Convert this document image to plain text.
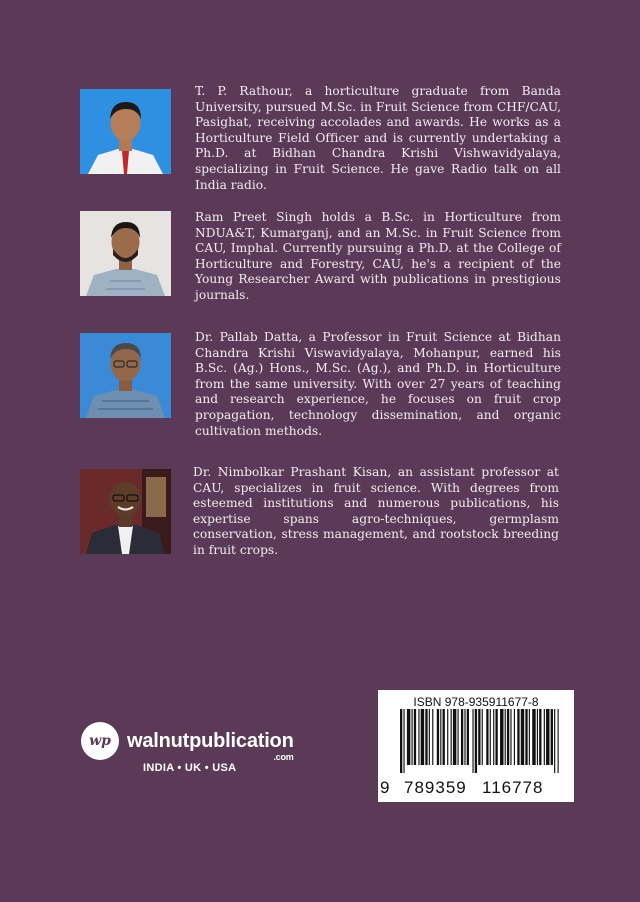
T. P. Rathour, a horticulture graduate from Banda University, pursued M.Sc. in Fruit Science from CHF/CAU, Pasighat, receiving accolades and awards. He works as a Horticulture Field Officer and is currently undertaking a Ph.D. at Bidhan Chandra Krishi Vishwavidyalaya, specializing in Fruit Science. He gave Radio talk on all India radio.
Ram Preet Singh holds a B.Sc. in Horticulture from NDUA&T, Kumarganj, and an M.Sc. in Fruit Science from CAU, Imphal. Currently pursuing a Ph.D. at the College of Horticulture and Forestry, CAU, he's a recipient of the Young Researcher Award with publications in prestigious journals.
Dr. Pallab Datta, a Professor in Fruit Science at Bidhan Chandra Krishi Viswavidyalaya, Mohanpur, earned his B.Sc. (Ag.) Hons., M.Sc. (Ag.), and Ph.D. in Horticulture from the same university. With over 27 years of teaching and research experience, he focuses on fruit crop propagation, technology dissemination, and organic cultivation methods.
Dr. Nimbolkar Prashant Kisan, an assistant professor at CAU, specializes in fruit science. With degrees from esteemed institutions and numerous publications, his expertise spans agro-techniques, germplasm conservation, stress management, and rootstock breeding in fruit crops.
wp walnutpublication
.com
INDIA • UK • USA
ISBN 978-935911677-8
9 789359 116778
